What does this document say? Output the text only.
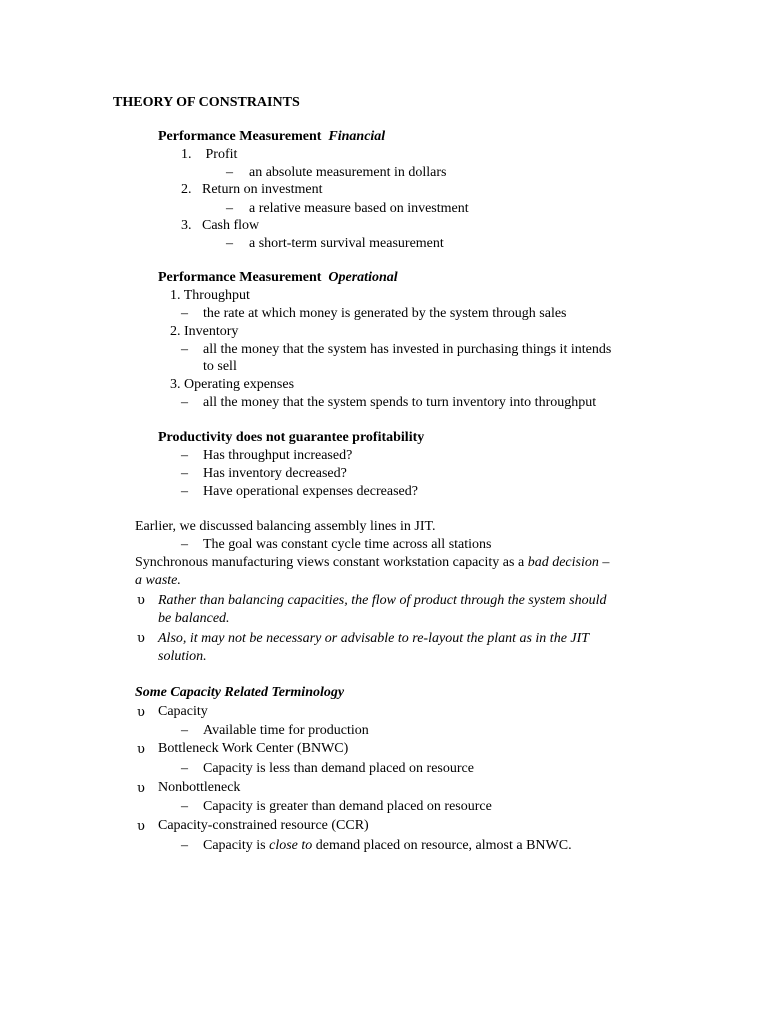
THEORY OF CONSTRAINTS
Performance Measurement Financial
1. Profit
– an absolute measurement in dollars
2. Return on investment
– a relative measure based on investment
3. Cash flow
– a short-term survival measurement
Performance Measurement Operational
1. Throughput
– the rate at which money is generated by the system through sales
2. Inventory
– all the money that the system has invested in purchasing things it intends
to sell
3. Operating expenses
– all the money that the system spends to turn inventory into throughput
Productivity does not guarantee profitability
– Has throughput increased?
– Has inventory decreased?
– Have operational expenses decreased?
Earlier, we discussed balancing assembly lines in JIT.
– The goal was constant cycle time across all stations
Synchronous manufacturing views constant workstation capacity as a bad decision –
a waste.
υ Rather than balancing capacities, the flow of product through the system should
be balanced.
υ Also, it may not be necessary or advisable to re-layout the plant as in the JIT
solution.
Some Capacity Related Terminology
υ Capacity
– Available time for production
υ Bottleneck Work Center (BNWC)
– Capacity is less than demand placed on resource
υ Nonbottleneck
– Capacity is greater than demand placed on resource
υ Capacity-constrained resource (CCR)
– Capacity is close to demand placed on resource, almost a BNWC.
